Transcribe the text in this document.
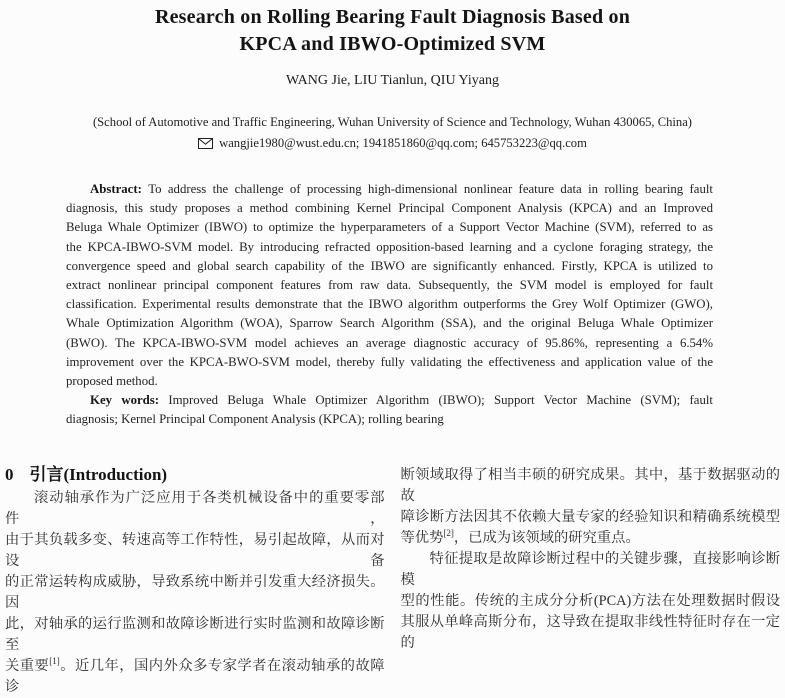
Research on Rolling Bearing Fault Diagnosis Based on
KPCA and IBWO-Optimized SVM
WANG Jie, LIU Tianlun, QIU Yiyang
(School of Automotive and Traffic Engineering, Wuhan University of Science and Technology, Wuhan 430065, China)
wangjie1980@wust.edu.cn; 1941851860@qq.com; 645753223@qq.com
Abstract: To address the challenge of processing high-dimensional nonlinear feature data in rolling bearing fault
diagnosis, this study proposes a method combining Kernel Principal Component Analysis (KPCA) and an Improved
Beluga Whale Optimizer (IBWO) to optimize the hyperparameters of a Support Vector Machine (SVM), referred to as
the KPCA-IBWO-SVM model. By introducing refracted opposition-based learning and a cyclone foraging strategy, the
convergence speed and global search capability of the IBWO are significantly enhanced. Firstly, KPCA is utilized to
extract nonlinear principal component features from raw data. Subsequently, the SVM model is employed for fault
classification. Experimental results demonstrate that the IBWO algorithm outperforms the Grey Wolf Optimizer (GWO),
Whale Optimization Algorithm (WOA), Sparrow Search Algorithm (SSA), and the original Beluga Whale Optimizer
(BWO). The KPCA-IBWO-SVM model achieves an average diagnostic accuracy of 95.86%, representing a 6.54%
improvement over the KPCA-BWO-SVM model, thereby fully validating the effectiveness and application value of the
proposed method.
Key words: Improved Beluga Whale Optimizer Algorithm (IBWO); Support Vector Machine (SVM); fault
diagnosis; Kernel Principal Component Analysis (KPCA); rolling bearing
0 引言(Introduction)
滚动轴承作为广泛应用于各类机械设备中的重要零部件，
由于其负载多变、转速高等工作特性，易引起故障，从而对设备
的正常运转构成威胁，导致系统中断并引发重大经济损失。因
此，对轴承的运行监测和故障诊断进行实时监测和故障诊断至
关重要[1]。近几年，国内外众多专家学者在滚动轴承的故障诊
断领域取得了相当丰硕的研究成果。其中，基于数据驱动的故
障诊断方法因其不依赖大量专家的经验知识和精确系统模型
等优势[2]，已成为该领域的研究重点。
特征提取是故障诊断过程中的关键步骤，直接影响诊断模
型的性能。传统的主成分分析(PCA)方法在处理数据时假设
其服从单峰高斯分布，这导致在提取非线性特征时存在一定的
